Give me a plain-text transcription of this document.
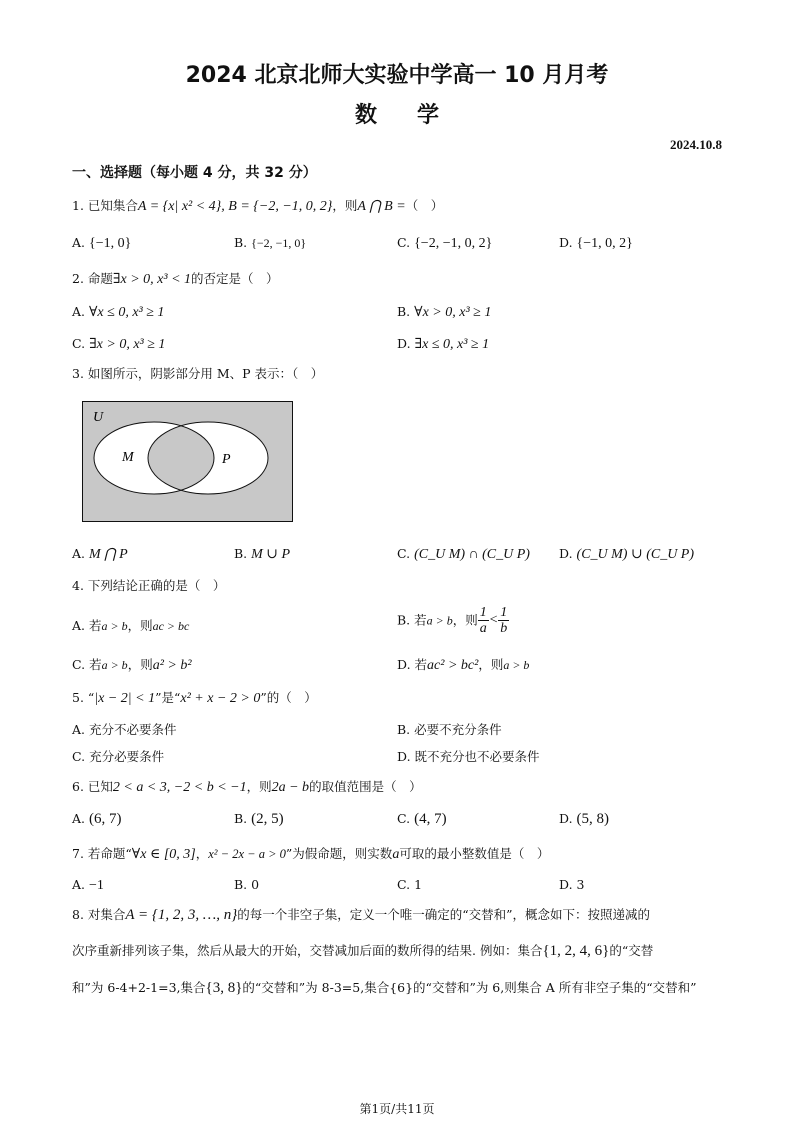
2024 北京北师大实验中学高一 10 月月考
数学
2024.10.8
一、选择题（每小题 4 分，共 32 分）
1. 已知集合A = {x| x² < 4}, B = {−2, −1, 0, 2}，则A ⋂ B =（　）
A. {−1, 0}	B. {−2, −1, 0}	C. {−2, −1, 0, 2}	D. {−1, 0, 2}
2. 命题∃x > 0, x³ < 1的否定是（　）
A. ∀x ≤ 0, x³ ≥ 1	B. ∀x > 0, x³ ≥ 1
C. ∃x > 0, x³ ≥ 1	D. ∃x ≤ 0, x³ ≥ 1
3. 如图所示，阴影部分用 M、P 表示：（　）
U
M	P
A. M ⋂ P	B. M ∪ P	C. (C_U M) ∩ (C_U P) D. (C_U M) ∪ (C_U P)
4. 下列结论正确的是（　）
A. 若a > b，则ac > bc	B. 若a > b，则 $\frac{1}{a} < \frac{1}{b}$
C. 若a > b，则a² > b²	D. 若ac² > bc²，则a > b
5. “|x − 2| < 1”是“x² + x − 2 > 0”的（　）
A. 充分不必要条件	B. 必要不充分条件
C. 充分必要条件	D. 既不充分也不必要条件
6. 已知2 < a < 3, −2 < b < −1，则2a − b的取值范围是（　）
A. (6, 7)	B. (2, 5)	C. (4, 7)	D. (5, 8)
7. 若命题“∀x ∈ [0, 3]，x² − 2x − a > 0”为假命题，则实数a可取的最小整数值是（　）
A. −1	B. 0	C. 1	D. 3
8. 对集合A = {1, 2, 3, …, n}的每一个非空子集，定义一个唯一确定的“交替和”，概念如下：按照递减的
次序重新排列该子集，然后从最大的开始，交替减加后面的数所得的结果. 例如：集合{1, 2, 4, 6}的“交替
和”为 6-4+2-1=3,集合{3, 8}的“交替和”为 8-3=5,集合{6}的“交替和”为 6,则集合 A 所有非空子集的“交替和”
第1页/共11页
